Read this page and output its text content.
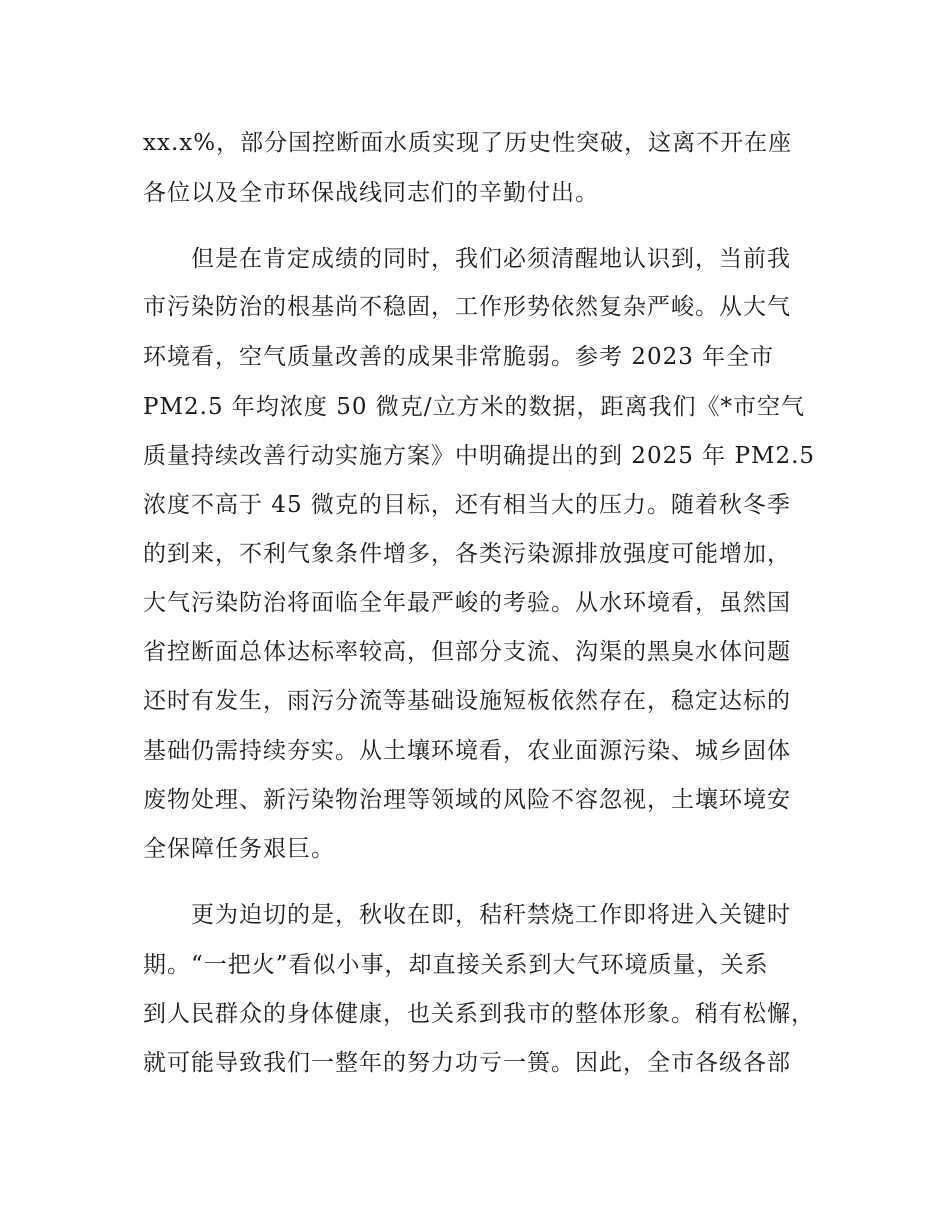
xx.x%，部分国控断面水质实现了历史性突破，这离不开在座

各位以及全市环保战线同志们的辛勤付出。

但是在肯定成绩的同时，我们必须清醒地认识到，当前我

市污染防治的根基尚不稳固，工作形势依然复杂严峻。从大气

环境看，空气质量改善的成果非常脆弱。参考 2023 年全市

PM2.5 年均浓度 50 微克/立方米的数据，距离我们《*市空气

质量持续改善行动实施方案》中明确提出的到 2025 年 PM2.5

浓度不高于 45 微克的目标，还有相当大的压力。随着秋冬季

的到来，不利气象条件增多，各类污染源排放强度可能增加，

大气污染防治将面临全年最严峻的考验。从水环境看，虽然国

省控断面总体达标率较高，但部分支流、沟渠的黑臭水体问题

还时有发生，雨污分流等基础设施短板依然存在，稳定达标的

基础仍需持续夯实。从土壤环境看，农业面源污染、城乡固体

废物处理、新污染物治理等领域的风险不容忽视，土壤环境安

全保障任务艰巨。

更为迫切的是，秋收在即，秸秆禁烧工作即将进入关键时

期。“一把火”看似小事，却直接关系到大气环境质量，关系

到人民群众的身体健康，也关系到我市的整体形象。稍有松懈，

就可能导致我们一整年的努力功亏一篑。因此，全市各级各部
